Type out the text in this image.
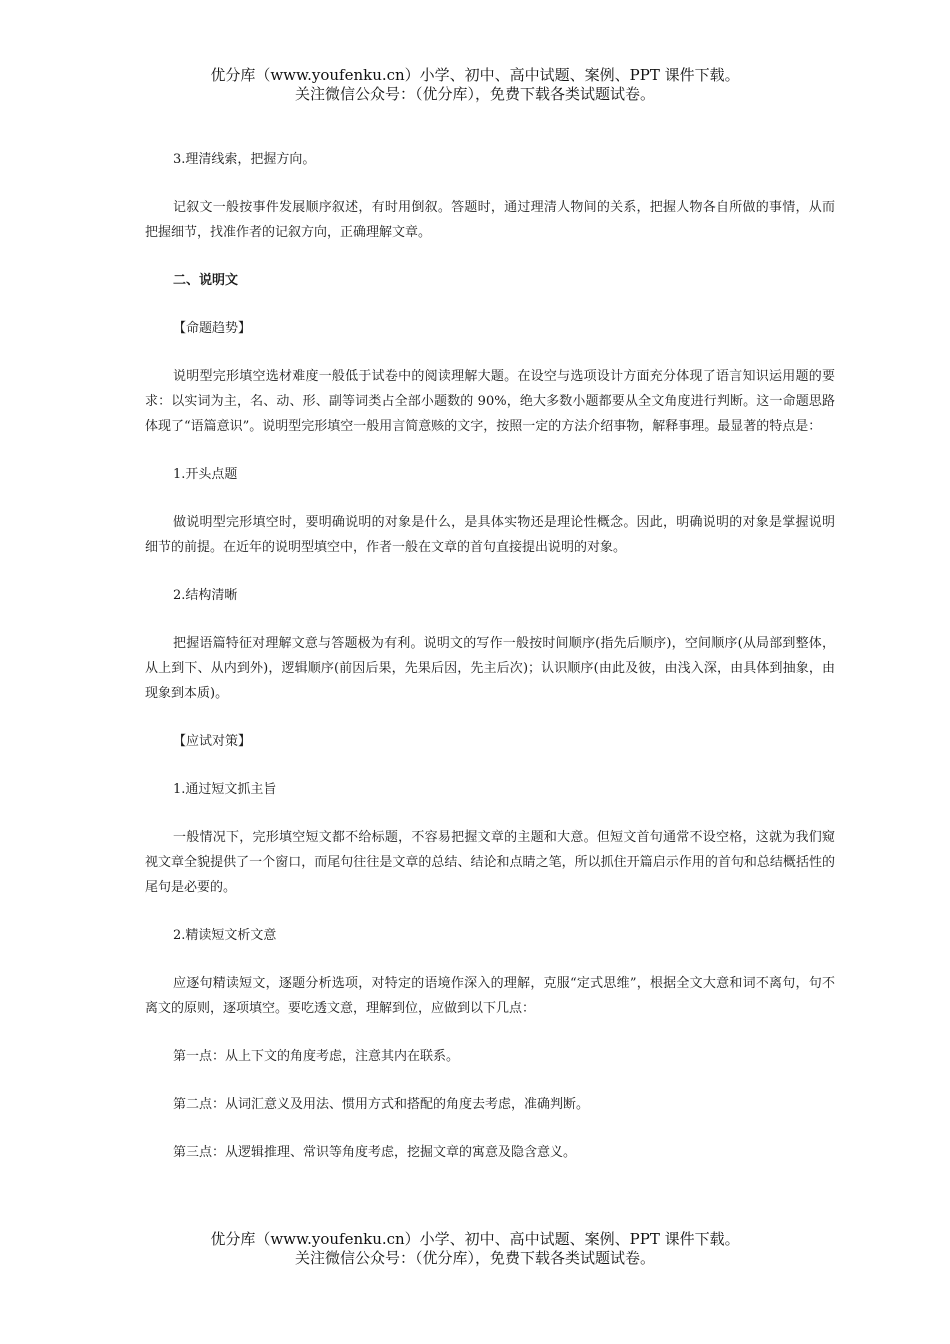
优分库（www.youfenku.cn）小学、初中、高中试题、案例、PPT 课件下载。
关注微信公众号：（优分库），免费下载各类试题试卷。

3.理清线索，把握方向。

记叙文一般按事件发展顺序叙述，有时用倒叙。答题时，通过理清人物间的关系，把握人物各自所做的事情，从而把握细节，找准作者的记叙方向，正确理解文章。

二、说明文

【命题趋势】

说明型完形填空选材难度一般低于试卷中的阅读理解大题。在设空与选项设计方面充分体现了语言知识运用题的要求：以实词为主，名、动、形、副等词类占全部小题数的 90%，绝大多数小题都要从全文角度进行判断。这一命题思路体现了“语篇意识”。说明型完形填空一般用言简意赅的文字，按照一定的方法介绍事物，解释事理。最显著的特点是：

1.开头点题

做说明型完形填空时，要明确说明的对象是什么，是具体实物还是理论性概念。因此，明确说明的对象是掌握说明细节的前提。在近年的说明型填空中，作者一般在文章的首句直接提出说明的对象。

2.结构清晰

把握语篇特征对理解文意与答题极为有利。说明文的写作一般按时间顺序(指先后顺序)，空间顺序(从局部到整体，从上到下、从内到外)，逻辑顺序(前因后果，先果后因，先主后次)；认识顺序(由此及彼，由浅入深，由具体到抽象，由现象到本质)。

【应试对策】

1.通过短文抓主旨

一般情况下，完形填空短文都不给标题，不容易把握文章的主题和大意。但短文首句通常不设空格，这就为我们窥视文章全貌提供了一个窗口，而尾句往往是文章的总结、结论和点睛之笔，所以抓住开篇启示作用的首句和总结概括性的尾句是必要的。

2.精读短文析文意

应逐句精读短文，逐题分析选项，对特定的语境作深入的理解，克服“定式思维”，根据全文大意和词不离句，句不离文的原则，逐项填空。要吃透文意，理解到位，应做到以下几点：

第一点：从上下文的角度考虑，注意其内在联系。

第二点：从词汇意义及用法、惯用方式和搭配的角度去考虑，准确判断。

第三点：从逻辑推理、常识等角度考虑，挖掘文章的寓意及隐含意义。

优分库（www.youfenku.cn）小学、初中、高中试题、案例、PPT 课件下载。
关注微信公众号：（优分库），免费下载各类试题试卷。
